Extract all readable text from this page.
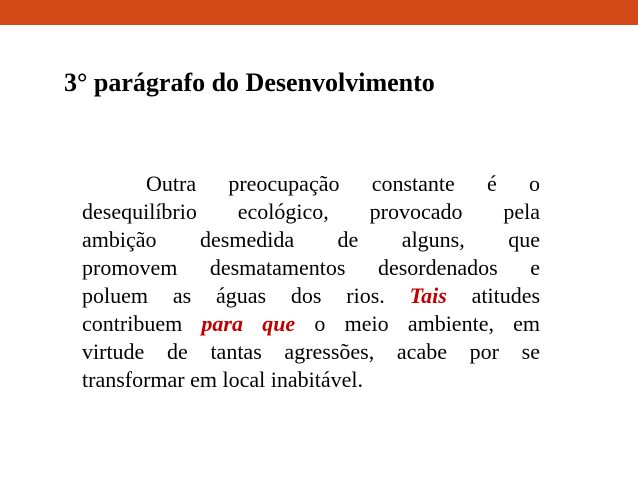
3° parágrafo do Desenvolvimento
Outra preocupação constante é o
desequilíbrio ecológico, provocado pela
ambição desmedida de alguns, que
promovem desmatamentos desordenados e
poluem as águas dos rios. Tais atitudes
contribuem para que o meio ambiente, em
virtude de tantas agressões, acabe por se
transformar em local inabitável.
